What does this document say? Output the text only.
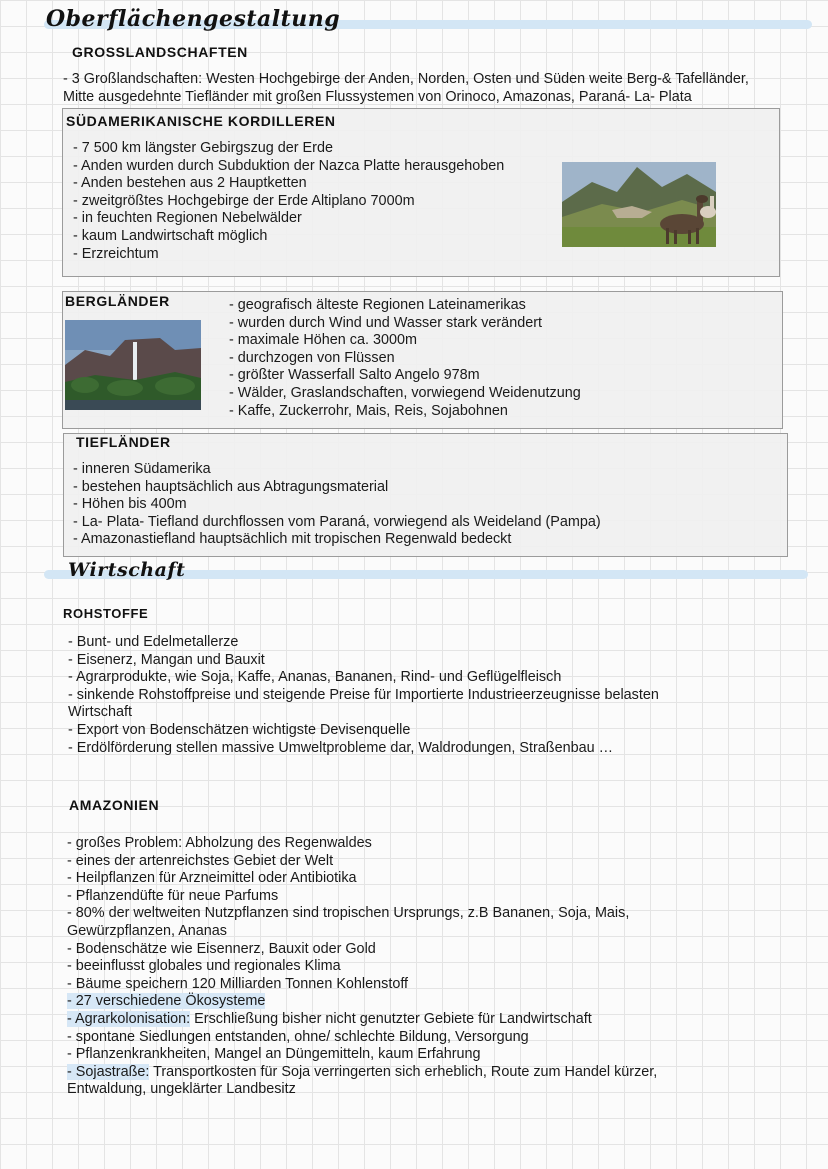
Oberflächengestaltung
GROSSLANDSCHAFTEN
- 3 Großlandschaften: Westen Hochgebirge der Anden, Norden, Osten und Süden weite Berg-& Tafelländer,
Mitte ausgedehnte Tiefländer mit großen Flussystemen von Orinoco, Amazonas, Paraná- La- Plata
SÜDAMERIKANISCHE KORDILLEREN
- 7 500 km längster Gebirgszug der Erde
- Anden wurden durch Subduktion der Nazca Platte herausgehoben
- Anden bestehen aus 2 Hauptketten
- zweitgrößtes Hochgebirge der Erde Altiplano 7000m
- in feuchten Regionen Nebelwälder
- kaum Landwirtschaft möglich
- Erzreichtum
BERGLÄNDER	- geografisch älteste Regionen Lateinamerikas
- wurden durch Wind und Wasser stark verändert
- maximale Höhen ca. 3000m
- durchzogen von Flüssen
- größter Wasserfall Salto Angelo 978m
- Wälder, Graslandschaften, vorwiegend Weidenutzung
- Kaffe, Zuckerrohr, Mais, Reis, Sojabohnen
TIEFLÄNDER
- inneren Südamerika
- bestehen hauptsächlich aus Abtragungsmaterial
- Höhen bis 400m
- La- Plata- Tiefland durchflossen vom Paraná, vorwiegend als Weideland (Pampa)
- Amazonastiefland hauptsächlich mit tropischen Regenwald bedeckt
Wirtschaft
ROHSTOFFE
- Bunt- und Edelmetallerze
- Eisenerz, Mangan und Bauxit
- Agrarprodukte, wie Soja, Kaffe, Ananas, Bananen, Rind- und Geflügelfleisch
- sinkende Rohstoffpreise und steigende Preise für Importierte Industrieerzeugnisse belasten
Wirtschaft
- Export von Bodenschätzen wichtigste Devisenquelle
- Erdölförderung stellen massive Umweltprobleme dar, Waldrodungen, Straßenbau …
AMAZONIEN
- großes Problem: Abholzung des Regenwaldes
- eines der artenreichstes Gebiet der Welt
- Heilpflanzen für Arzneimittel oder Antibiotika
- Pflanzendüfte für neue Parfums
- 80% der weltweiten Nutzpflanzen sind tropischen Ursprungs, z.B Bananen, Soja, Mais,
Gewürzpflanzen, Ananas
- Bodenschätze wie Eisennerz, Bauxit oder Gold
- beeinflusst globales und regionales Klima
- Bäume speichern 120 Milliarden Tonnen Kohlenstoff
- 27 verschiedene Ökosysteme
- Agrarkolonisation: Erschließung bisher nicht genutzter Gebiete für Landwirtschaft
- spontane Siedlungen entstanden, ohne/ schlechte Bildung, Versorgung
- Pflanzenkrankheiten, Mangel an Düngemitteln, kaum Erfahrung
- Sojastraße: Transportkosten für Soja verringerten sich erheblich, Route zum Handel kürzer,
Entwaldung, ungeklärter Landbesitz
